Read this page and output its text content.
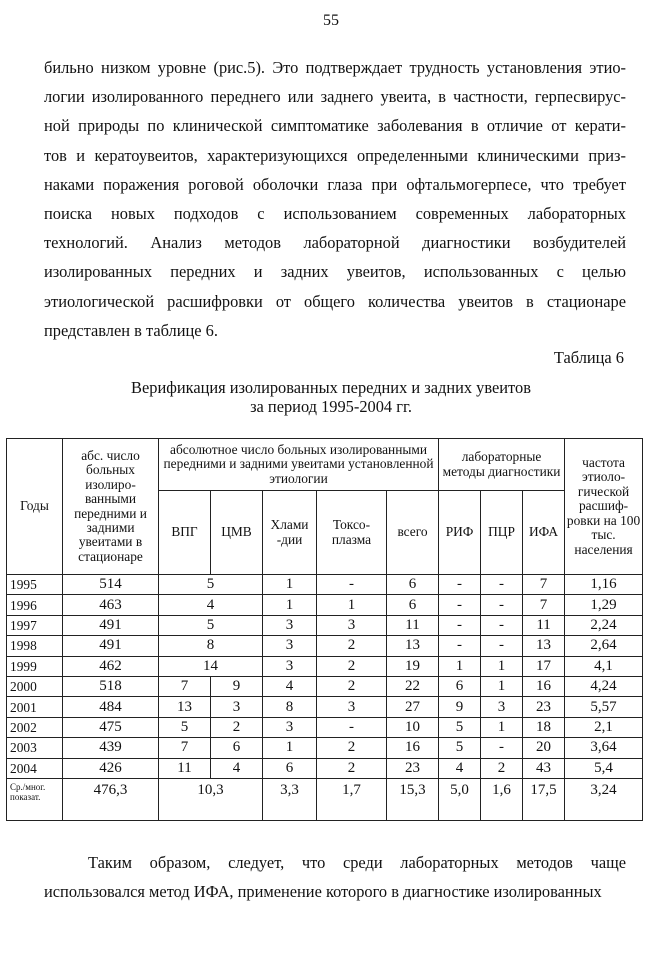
55

бильно низком уровне (рис.5). Это подтверждает трудность установления этио-
логии изолированного переднего или заднего увеита, в частности, герпесвирус-
ной природы по клинической симптоматике заболевания в отличие от керати-
тов и кератоувеитов, характеризующихся определенными клиническими приз-
наками поражения роговой оболочки глаза при офтальмогерпесе, что требует
поиска новых подходов с использованием современных лабораторных
технологий. Анализ методов лабораторной диагностики возбудителей
изолированных передних и задних увеитов, использованных с целью
этиологической расшифровки от общего количества увеитов в стационаре
представлен в таблице 6.

Таблица 6
Верификация изолированных передних и задних увеитов
за период 1995-2004 гг.
Годы	абс. число больных изолиро-ванными передними и задними увеитами в стационаре	абсолютное число больных изолированными передними и задними увеитами установленной этиологии					лабораторные методы диагностики			частота этиоло-гической расшиф-ровки на 100 тыс. населения
		ВПГ	ЦМВ	Хлами -дии	Токсо-плазма	всего	РИФ	ПЦР	ИФА	
1995	514	5		1	-	6	-	-	7	1,16
1996	463	4		1	1	6	-	-	7	1,29
1997	491	5		3	3	11	-	-	11	2,24
1998	491	8		3	2	13	-	-	13	2,64
1999	462	14		3	2	19	1	1	17	4,1
2000	518	7	9	4	2	22	6	1	16	4,24
2001	484	13	3	8	3	27	9	3	23	5,57
2002	475	5	2	3	-	10	5	1	18	2,1
2003	439	7	6	1	2	16	5	-	20	3,64
2004	426	11	4	6	2	23	4	2	43	5,4
Ср./мног. показат.	476,3	10,3		3,3	1,7	15,3	5,0	1,6	17,5	3,24

Таким образом, следует, что среди лабораторных методов чаще
использовался метод ИФА, применение которого в диагностике изолированных
